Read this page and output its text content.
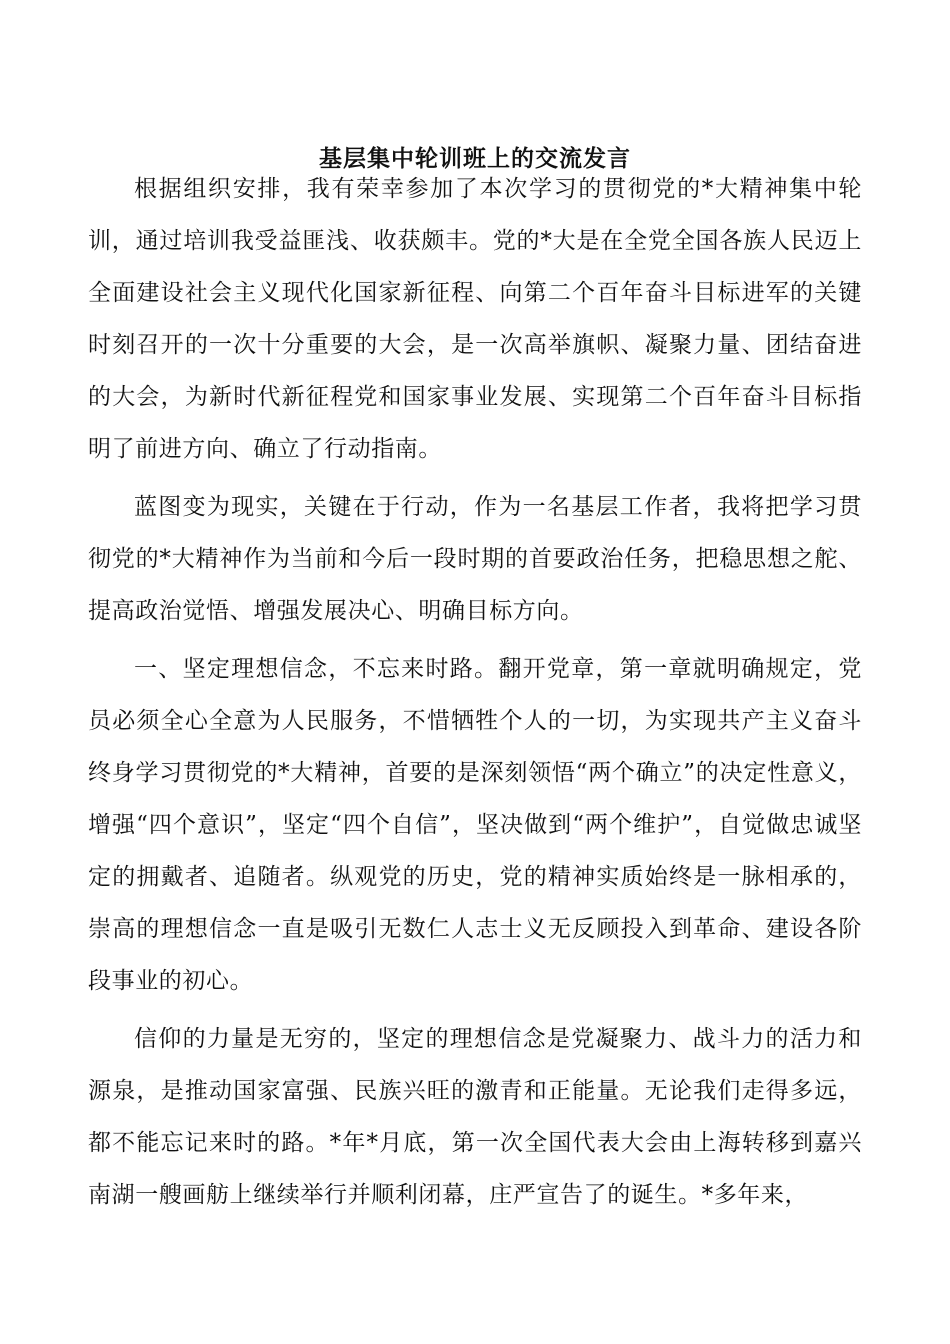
基层集中轮训班上的交流发言

根据组织安排，我有荣幸参加了本次学习的贯彻党的*大精神集中轮训，通过培训我受益匪浅、收获颇丰。党的*大是在全党全国各族人民迈上全面建设社会主义现代化国家新征程、向第二个百年奋斗目标进军的关键时刻召开的一次十分重要的大会，是一次高举旗帜、凝聚力量、团结奋进的大会，为新时代新征程党和国家事业发展、实现第二个百年奋斗目标指明了前进方向、确立了行动指南。

蓝图变为现实，关键在于行动，作为一名基层工作者，我将把学习贯彻党的*大精神作为当前和今后一段时期的首要政治任务，把稳思想之舵、提高政治觉悟、增强发展决心、明确目标方向。

一、坚定理想信念，不忘来时路。翻开党章，第一章就明确规定，党员必须全心全意为人民服务，不惜牺牲个人的一切，为实现共产主义奋斗终身学习贯彻党的*大精神，首要的是深刻领悟“两个确立”的决定性意义，增强“四个意识”，坚定“四个自信”，坚决做到“两个维护”，自觉做忠诚坚定的拥戴者、追随者。纵观党的历史，党的精神实质始终是一脉相承的，崇高的理想信念一直是吸引无数仁人志士义无反顾投入到革命、建设各阶段事业的初心。

信仰的力量是无穷的，坚定的理想信念是党凝聚力、战斗力的活力和源泉，是推动国家富强、民族兴旺的激青和正能量。无论我们走得多远，都不能忘记来时的路。*年*月底，第一次全国代表大会由上海转移到嘉兴南湖一艘画舫上继续举行并顺利闭幕，庄严宣告了的诞生。*多年来，
